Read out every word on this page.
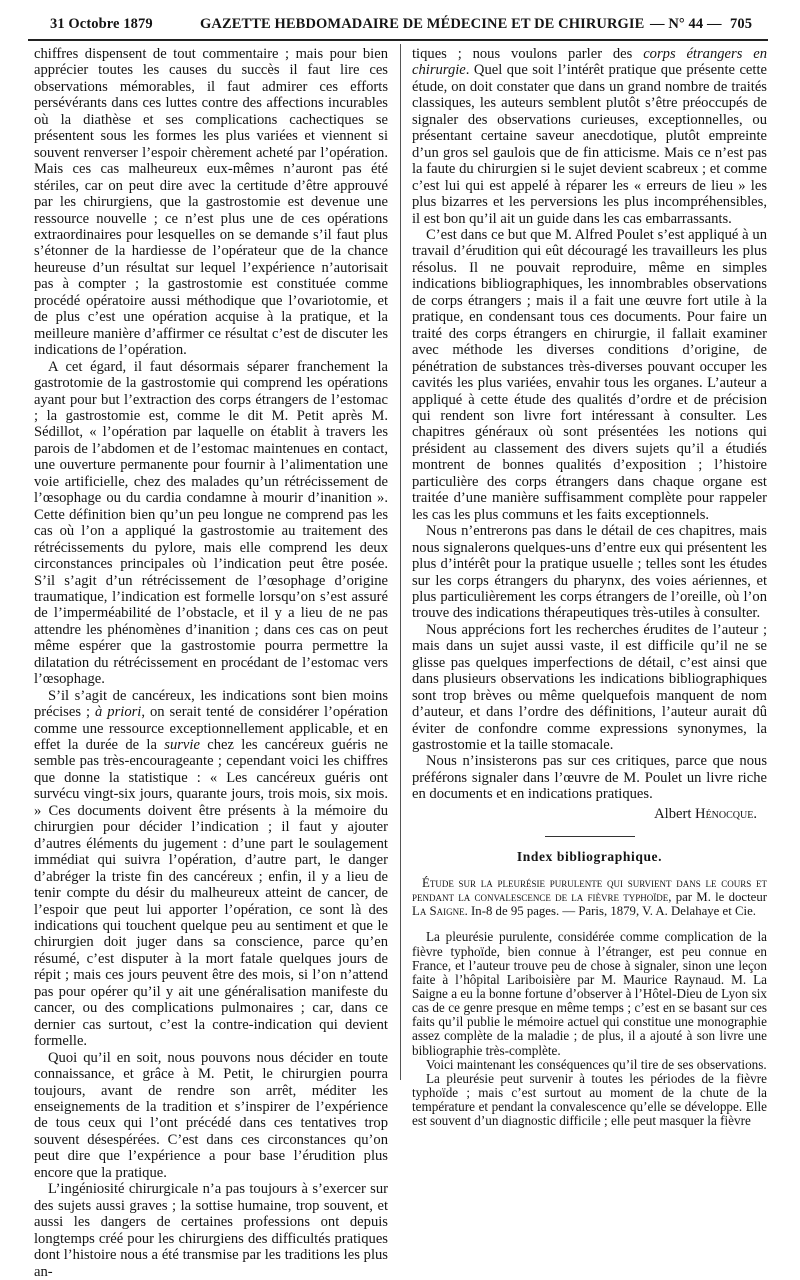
31 Octobre 1879	GAZETTE HEBDOMADAIRE DE MÉDECINE ET DE CHIRURGIE — N° 44 — 705

chiffres dispensent de tout commentaire ; mais pour bien apprécier toutes les causes du succès il faut lire ces observations mémorables, il faut admirer ces efforts persévérants dans ces luttes contre des affections incurables où la diathèse et ses complications cachectiques se présentent sous les formes les plus variées et viennent si souvent renverser l’espoir chèrement acheté par l’opération. Mais ces cas malheureux eux-mêmes n’auront pas été stériles, car on peut dire avec la certitude d’être approuvé par les chirurgiens, que la gastrostomie est devenue une ressource nouvelle ; ce n’est plus une de ces opérations extraordinaires pour lesquelles on se demande s’il faut plus s’étonner de la hardiesse de l’opérateur que de la chance heureuse d’un résultat sur lequel l’expérience n’autorisait pas à compter ; la gastrostomie est constituée comme procédé opératoire aussi méthodique que l’ovariotomie, et de plus c’est une opération acquise à la pratique, et la meilleure manière d’affirmer ce résultat c’est de discuter les indications de l’opération.

A cet égard, il faut désormais séparer franchement la gastrotomie de la gastrostomie qui comprend les opérations ayant pour but l’extraction des corps étrangers de l’estomac ; la gastrostomie est, comme le dit M. Petit après M. Sédillot, « l’opération par laquelle on établit à travers les parois de l’abdomen et de l’estomac maintenues en contact, une ouverture permanente pour fournir à l’alimentation une voie artificielle, chez des malades qu’un rétrécissement de l’œsophage ou du cardia condamne à mourir d’inanition ». Cette définition bien qu’un peu longue ne comprend pas les cas où l’on a appliqué la gastrostomie au traitement des rétrécissements du pylore, mais elle comprend les deux circonstances principales où l’indication peut être posée. S’il s’agit d’un rétrécissement de l’œsophage d’origine traumatique, l’indication est formelle lorsqu’on s’est assuré de l’imperméabilité de l’obstacle, et il y a lieu de ne pas attendre les phénomènes d’inanition ; dans ces cas on peut même espérer que la gastrostomie pourra permettre la dilatation du rétrécissement en procédant de l’estomac vers l’œsophage.

S’il s’agit de cancéreux, les indications sont bien moins précises ; à priori, on serait tenté de considérer l’opération comme une ressource exceptionnellement applicable, et en effet la durée de la survie chez les cancéreux guéris ne semble pas très-encourageante ; cependant voici les chiffres que donne la statistique : « Les cancéreux guéris ont survécu vingt-six jours, quarante jours, trois mois, six mois. » Ces documents doivent être présents à la mémoire du chirurgien pour décider l’indication ; il faut y ajouter d’autres éléments du jugement : d’une part le soulagement immédiat qui suivra l’opération, d’autre part, le danger d’abréger la triste fin des cancéreux ; enfin, il y a lieu de tenir compte du désir du malheureux atteint de cancer, de l’espoir que peut lui apporter l’opération, ce sont là des indications qui touchent quelque peu au sentiment et que le chirurgien doit juger dans sa conscience, parce qu’en résumé, c’est disputer à la mort fatale quelques jours de répit ; mais ces jours peuvent être des mois, si l’on n’attend pas pour opérer qu’il y ait une généralisation manifeste du cancer, ou des complications pulmonaires ; car, dans ce dernier cas surtout, c’est la contre-indication qui devient formelle.

Quoi qu’il en soit, nous pouvons nous décider en toute connaissance, et grâce à M. Petit, le chirurgien pourra toujours, avant de rendre son arrêt, méditer les enseignements de la tradition et s’inspirer de l’expérience de tous ceux qui l’ont précédé dans ces tentatives trop souvent désespérées. C’est dans ces circonstances qu’on peut dire que l’expérience a pour base l’érudition plus encore que la pratique.

L’ingéniosité chirurgicale n’a pas toujours à s’exercer sur des sujets aussi graves ; la sottise humaine, trop souvent, et aussi les dangers de certaines professions ont depuis longtemps créé pour les chirurgiens des difficultés pratiques dont l’histoire nous a été transmise par les traditions les plus an-

tiques ; nous voulons parler des corps étrangers en chirurgie. Quel que soit l’intérêt pratique que présente cette étude, on doit constater que dans un grand nombre de traités classiques, les auteurs semblent plutôt s’être préoccupés de signaler des observations curieuses, exceptionnelles, ou présentant certaine saveur anecdotique, plutôt empreinte d’un gros sel gaulois que de fin atticisme. Mais ce n’est pas la faute du chirurgien si le sujet devient scabreux ; et comme c’est lui qui est appelé à réparer les « erreurs de lieu » les plus bizarres et les perversions les plus incompréhensibles, il est bon qu’il ait un guide dans les cas embarrassants.

C’est dans ce but que M. Alfred Poulet s’est appliqué à un travail d’érudition qui eût découragé les travailleurs les plus résolus. Il ne pouvait reproduire, même en simples indications bibliographiques, les innombrables observations de corps étrangers ; mais il a fait une œuvre fort utile à la pratique, en condensant tous ces documents. Pour faire un traité des corps étrangers en chirurgie, il fallait examiner avec méthode les diverses conditions d’origine, de pénétration de substances très-diverses pouvant occuper les cavités les plus variées, envahir tous les organes. L’auteur a appliqué à cette étude des qualités d’ordre et de précision qui rendent son livre fort intéressant à consulter. Les chapitres généraux où sont présentées les notions qui président au classement des divers sujets qu’il a étudiés montrent de bonnes qualités d’exposition ; l’histoire particulière des corps étrangers dans chaque organe est traitée d’une manière suffisamment complète pour rappeler les cas les plus communs et les faits exceptionnels.

Nous n’entrerons pas dans le détail de ces chapitres, mais nous signalerons quelques-uns d’entre eux qui présentent les plus d’intérêt pour la pratique usuelle ; telles sont les études sur les corps étrangers du pharynx, des voies aériennes, et plus particulièrement les corps étrangers de l’oreille, où l’on trouve des indications thérapeutiques très-utiles à consulter.

Nous apprécions fort les recherches érudites de l’auteur ; mais dans un sujet aussi vaste, il est difficile qu’il ne se glisse pas quelques imperfections de détail, c’est ainsi que dans plusieurs observations les indications bibliographiques sont trop brèves ou même quelquefois manquent de nom d’auteur, et dans l’ordre des définitions, l’auteur aurait dû éviter de confondre comme expressions synonymes, la gastrostomie et la taille stomacale.

Nous n’insisterons pas sur ces critiques, parce que nous préférons signaler dans l’œuvre de M. Poulet un livre riche en documents et en indications pratiques.

Albert Hénocque.
Index bibliographique.
Étude sur la pleurésie purulente qui survient dans le cours et pendant la convalescence de la fièvre typhoïde, par M. le docteur La Saigne. In-8 de 95 pages. — Paris, 1879, V. A. Delahaye et Cie.

La pleurésie purulente, considérée comme complication de la fièvre typhoïde, bien connue à l’étranger, est peu connue en France, et l’auteur trouve peu de chose à signaler, sinon une leçon faite à l’hôpital Lariboisière par M. Maurice Raynaud. M. La Saigne a eu la bonne fortune d’observer à l’Hôtel-Dieu de Lyon six cas de ce genre presque en même temps ; c’est en se basant sur ces faits qu’il publie le mémoire actuel qui constitue une monographie assez complète de la maladie ; de plus, il a ajouté à son livre une bibliographie très-complète.

Voici maintenant les conséquences qu’il tire de ses observations.

La pleurésie peut survenir à toutes les périodes de la fièvre typhoïde ; mais c’est surtout au moment de la chute de la température et pendant la convalescence qu’elle se développe. Elle est souvent d’un diagnostic difficile ; elle peut masquer la fièvre
